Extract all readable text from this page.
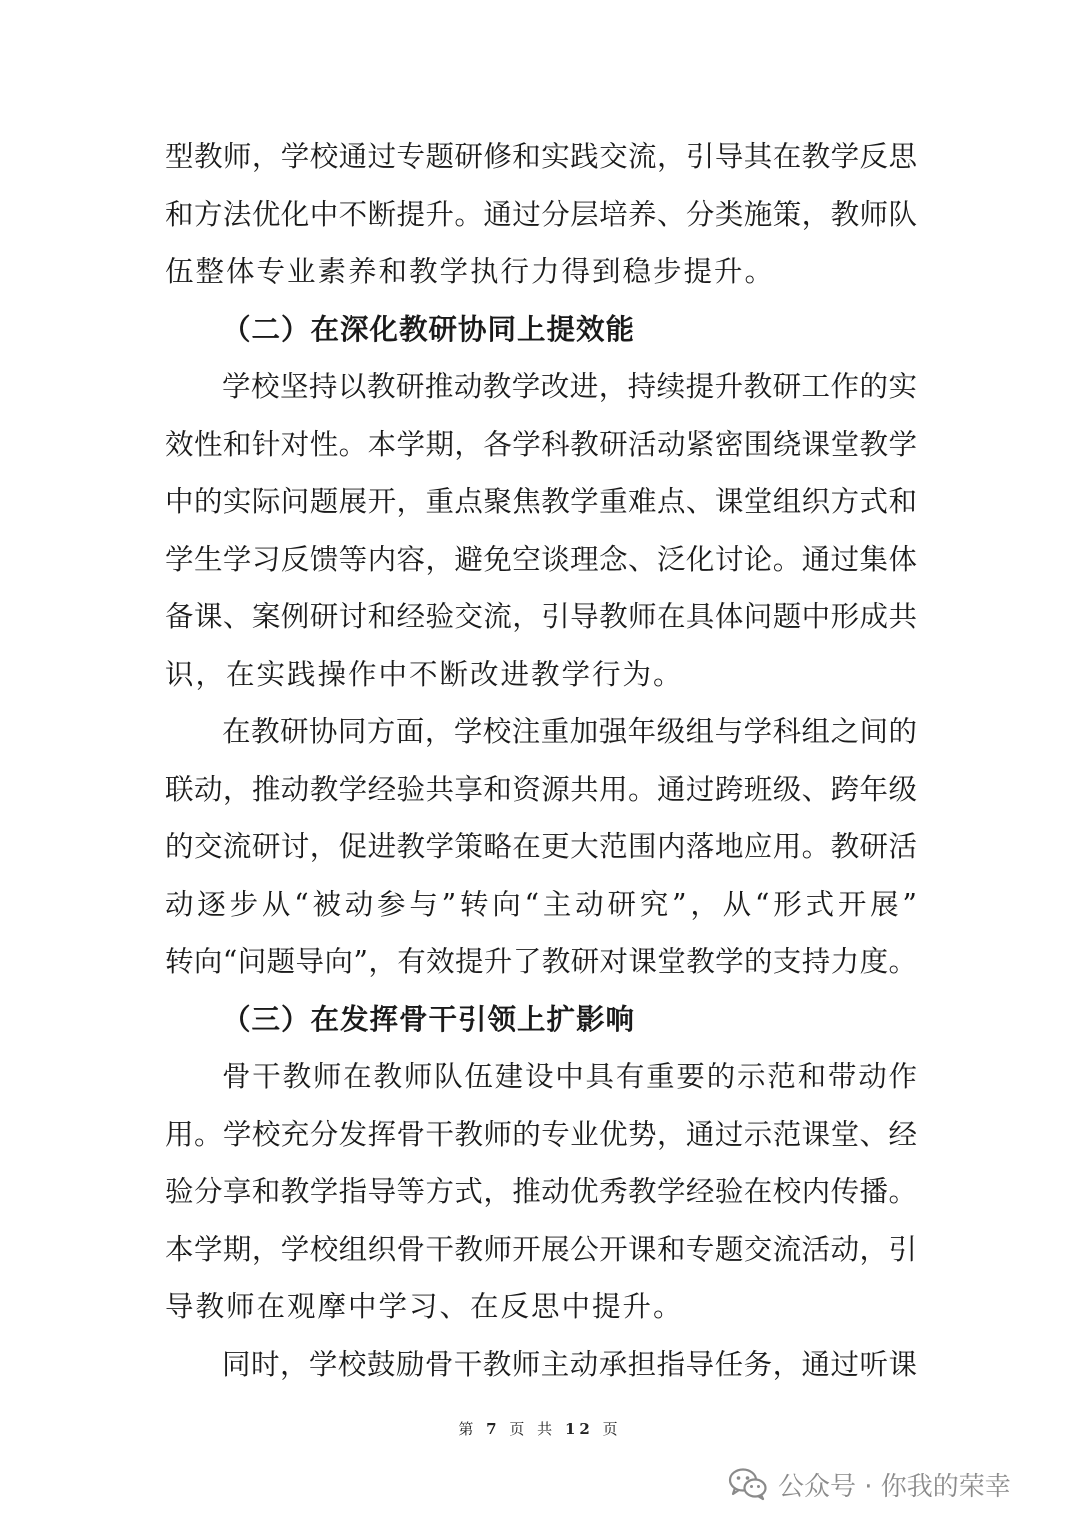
型教师，学校通过专题研修和实践交流，引导其在教学反思
和方法优化中不断提升。通过分层培养、分类施策，教师队
伍整体专业素养和教学执行力得到稳步提升。
（二）在深化教研协同上提效能
学校坚持以教研推动教学改进，持续提升教研工作的实
效性和针对性。本学期，各学科教研活动紧密围绕课堂教学
中的实际问题展开，重点聚焦教学重难点、课堂组织方式和
学生学习反馈等内容，避免空谈理念、泛化讨论。通过集体
备课、案例研讨和经验交流，引导教师在具体问题中形成共
识，在实践操作中不断改进教学行为。
在教研协同方面，学校注重加强年级组与学科组之间的
联动，推动教学经验共享和资源共用。通过跨班级、跨年级
的交流研讨，促进教学策略在更大范围内落地应用。教研活
动逐步从“被动参与”转向“主动研究”，从“形式开展”
转向“问题导向”，有效提升了教研对课堂教学的支持力度。
（三）在发挥骨干引领上扩影响
骨干教师在教师队伍建设中具有重要的示范和带动作
用。学校充分发挥骨干教师的专业优势，通过示范课堂、经
验分享和教学指导等方式，推动优秀教学经验在校内传播。
本学期，学校组织骨干教师开展公开课和专题交流活动，引
导教师在观摩中学习、在反思中提升。
同时，学校鼓励骨干教师主动承担指导任务，通过听课
第 7 页 共 12 页
公众号 · 你我的荣幸
